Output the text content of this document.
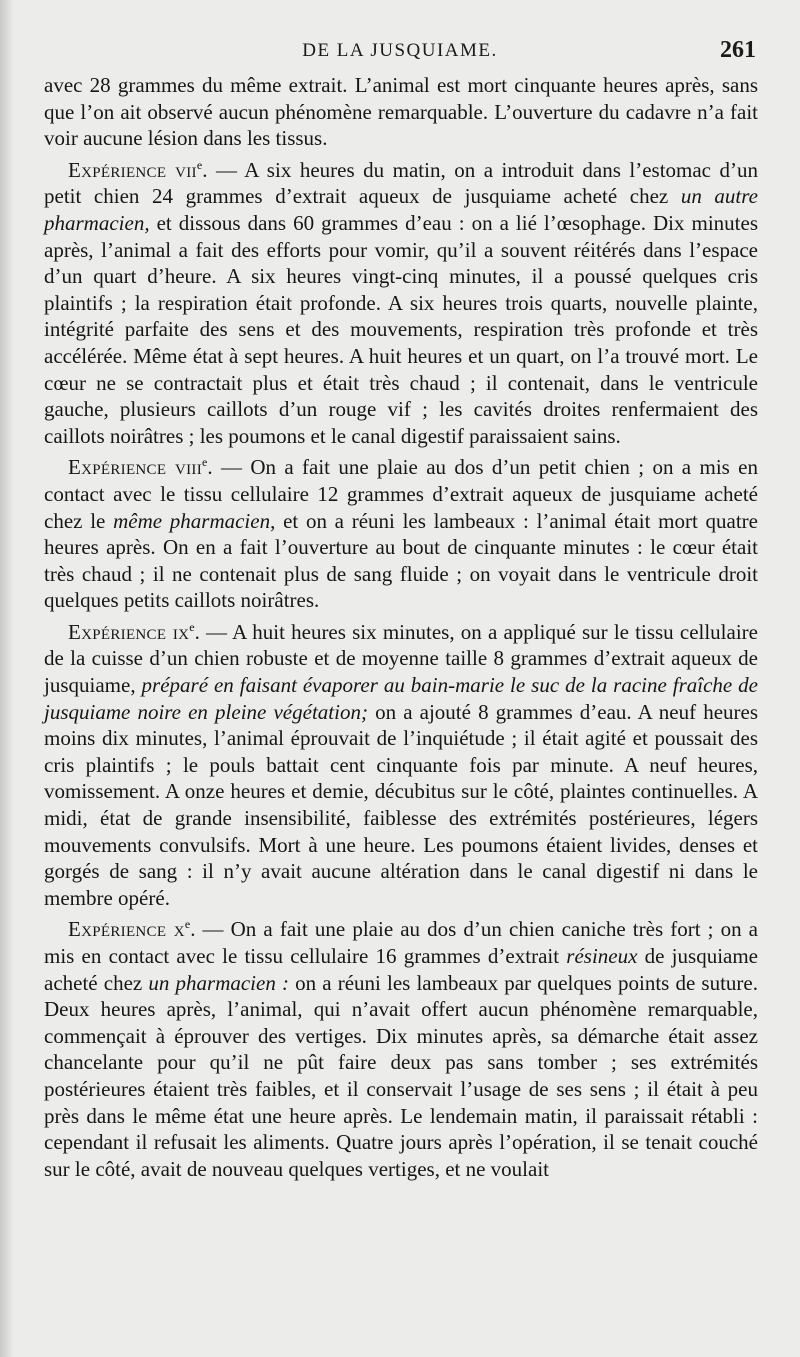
DE LA JUSQUIAME.	261

avec 28 grammes du même extrait. L’animal est mort cinquante heures après, sans que l’on ait observé aucun phénomène remarquable. L’ouverture du cadavre n’a fait voir aucune lésion dans les tissus.

Expérience vii$^e$. — A six heures du matin, on a introduit dans l’estomac d’un petit chien 24 grammes d’extrait aqueux de jusquiame acheté chez un autre pharmacien, et dissous dans 60 grammes d’eau : on a lié l’œsophage. Dix minutes après, l’animal a fait des efforts pour vomir, qu’il a souvent réitérés dans l’espace d’un quart d’heure. A six heures vingt-cinq minutes, il a poussé quelques cris plaintifs ; la respiration était profonde. A six heures trois quarts, nouvelle plainte, intégrité parfaite des sens et des mouvements, respiration très profonde et très accélérée. Même état à sept heures. A huit heures et un quart, on l’a trouvé mort. Le cœur ne se contractait plus et était très chaud ; il contenait, dans le ventricule gauche, plusieurs caillots d’un rouge vif ; les cavités droites renfermaient des caillots noirâtres ; les poumons et le canal digestif paraissaient sains.

Expérience viii$^e$. — On a fait une plaie au dos d’un petit chien ; on a mis en contact avec le tissu cellulaire 12 grammes d’extrait aqueux de jusquiame acheté chez le même pharmacien, et on a réuni les lambeaux : l’animal était mort quatre heures après. On en a fait l’ouverture au bout de cinquante minutes : le cœur était très chaud ; il ne contenait plus de sang fluide ; on voyait dans le ventricule droit quelques petits caillots noirâtres.

Expérience $ix^e$. — A huit heures six minutes, on a appliqué sur le tissu cellulaire de la cuisse d’un chien robuste et de moyenne taille 8 grammes d’extrait aqueux de jusquiame, préparé en faisant évaporer au bain-marie le suc de la racine fraîche de jusquiame noire en pleine végétation; on a ajouté 8 grammes d’eau. A neuf heures moins dix minutes, l’animal éprouvait de l’inquiétude ; il était agité et poussait des cris plaintifs ; le pouls battait cent cinquante fois par minute. A neuf heures, vomissement. A onze heures et demie, décubitus sur le côté, plaintes continuelles. A midi, état de grande insensibilité, faiblesse des extrémités postérieures, légers mouvements convulsifs. Mort à une heure. Les poumons étaient livides, denses et gorgés de sang : il n’y avait aucune altération dans le canal digestif ni dans le membre opéré.

Expérience $x^e$. — On a fait une plaie au dos d’un chien caniche très fort ; on a mis en contact avec le tissu cellulaire 16 grammes d’extrait résineux de jusquiame acheté chez un pharmacien : on a réuni les lambeaux par quelques points de suture. Deux heures après, l’animal, qui n’avait offert aucun phénomène remarquable, commençait à éprouver des vertiges. Dix minutes après, sa démarche était assez chancelante pour qu’il ne pût faire deux pas sans tomber ; ses extrémités postérieures étaient très faibles, et il conservait l’usage de ses sens ; il était à peu près dans le même état une heure après. Le lendemain matin, il paraissait rétabli : cependant il refusait les aliments. Quatre jours après l’opération, il se tenait couché sur le côté, avait de nouveau quelques vertiges, et ne voulait
